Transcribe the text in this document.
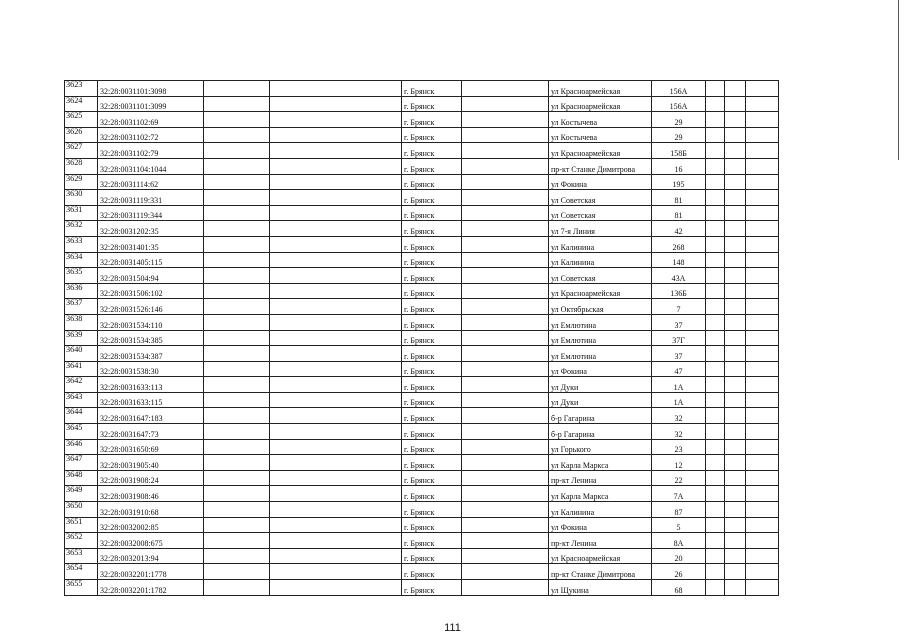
3623	32:28:0031101:3098			г. Брянск		ул Красноармейская	156А			
3624	32:28:0031101:3099			г. Брянск		ул Красноармейская	156А			
3625	32:28:0031102:69			г. Брянск		ул Костычева	29			
3626	32:28:0031102:72			г. Брянск		ул Костычева	29			
3627	32:28:0031102:79			г. Брянск		ул Красноармейская	158Б			
3628	32:28:0031104:1044			г. Брянск		пр-кт Станке Димитрова	16			
3629	32:28:0031114:62			г. Брянск		ул Фокина	195			
3630	32:28:0031119:331			г. Брянск		ул Советская	81			
3631	32:28:0031119:344			г. Брянск		ул Советская	81			
3632	32:28:0031202:35			г. Брянск		ул 7-я Линия	42			
3633	32:28:0031401:35			г. Брянск		ул Калинина	268			
3634	32:28:0031405:115			г. Брянск		ул Калинина	148			
3635	32:28:0031504:94			г. Брянск		ул Советская	43А			
3636	32:28:0031506:102			г. Брянск		ул Красноармейская	136Б			
3637	32:28:0031526:146			г. Брянск		ул Октябрьская	7			
3638	32:28:0031534:110			г. Брянск		ул Емлютина	37			
3639	32:28:0031534:385			г. Брянск		ул Емлютина	37Г			
3640	32:28:0031534:387			г. Брянск		ул Емлютина	37			
3641	32:28:0031538:30			г. Брянск		ул Фокина	47			
3642	32:28:0031633:113			г. Брянск		ул Дуки	1А			
3643	32:28:0031633:115			г. Брянск		ул Дуки	1А			
3644	32:28:0031647:183			г. Брянск		б-р Гагарина	32			
3645	32:28:0031647:73			г. Брянск		б-р Гагарина	32			
3646	32:28:0031650:69			г. Брянск		ул Горького	23			
3647	32:28:0031905:40			г. Брянск		ул Карла Маркса	12			
3648	32:28:0031908:24			г. Брянск		пр-кт Ленина	22			
3649	32:28:0031908:46			г. Брянск		ул Карла Маркса	7А			
3650	32:28:0031910:68			г. Брянск		ул Калинина	87			
3651	32:28:0032002:85			г. Брянск		ул Фокина	5			
3652	32:28:0032008:675			г. Брянск		пр-кт Ленина	8А			
3653	32:28:0032013:94			г. Брянск		ул Красноармейская	20			
3654	32:28:0032201:1778			г. Брянск		пр-кт Станке Димитрова	26			
3655	32:28:0032201:1782			г. Брянск		ул Щукина	68			
111
